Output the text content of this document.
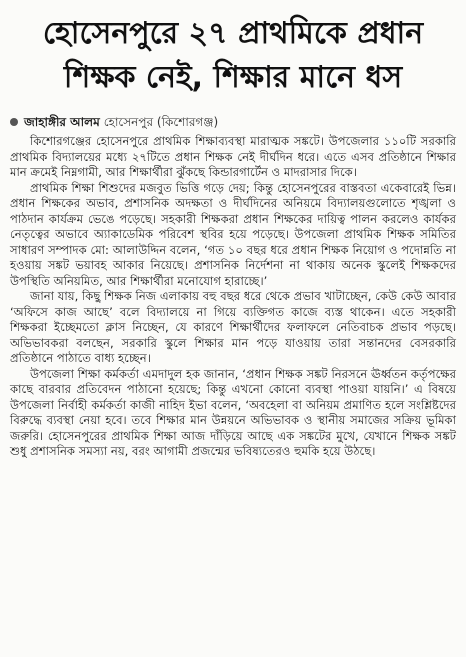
হোসেনপুরে ২৭ প্রাথমিকে প্রধান
শিক্ষক নেই, শিক্ষার মানে ধস
জাহাঙ্গীর আলম হোসেনপুর (কিশোরগঞ্জ)

কিশোরগঞ্জের হোসেনপুরে প্রাথমিক শিক্ষাব্যবস্থা মারাত্মক সঙ্কটে। উপজেলার ১১০টি সরকারি প্রাথমিক বিদ্যালয়ের মধ্যে ২৭টিতে প্রধান শিক্ষক নেই দীর্ঘদিন ধরে। এতে এসব প্রতিষ্ঠানে শিক্ষার মান ক্রমেই নিম্নগামী, আর শিক্ষার্থীরা ঝুঁকছে কিন্ডারগার্টেন ও মাদরাসার দিকে।

প্রাথমিক শিক্ষা শিশুদের মজবুত ভিত্তি গড়ে দেয়; কিন্তু হোসেনপুরের বাস্তবতা একেবারেই ভিন্ন। প্রধান শিক্ষকের অভাব, প্রশাসনিক অদক্ষতা ও দীর্ঘদিনের অনিয়মে বিদ্যালয়গুলোতে শৃঙ্খলা ও পাঠদান কার্যক্রম ভেঙে পড়েছে। সহকারী শিক্ষকরা প্রধান শিক্ষকের দায়িত্ব পালন করলেও কার্যকর নেতৃত্বের অভাবে অ্যাকাডেমিক পরিবেশ স্থবির হয়ে পড়েছে। উপজেলা প্রাথমিক শিক্ষক সমিতির সাধারণ সম্পাদক মো: আলাউদ্দিন বলেন, ‘গত ১০ বছর ধরে প্রধান শিক্ষক নিয়োগ ও পদোন্নতি না হওয়ায় সঙ্কট ভয়াবহ আকার নিয়েছে। প্রশাসনিক নির্দেশনা না থাকায় অনেক স্কুলেই শিক্ষকদের উপস্থিতি অনিয়মিত, আর শিক্ষার্থীরা মনোযোগ হারাচ্ছে।’

জানা যায়, কিছু শিক্ষক নিজ এলাকায় বহু বছর ধরে থেকে প্রভাব খাটাচ্ছেন, কেউ কেউ আবার ‘অফিসে কাজ আছে’ বলে বিদ্যালয়ে না গিয়ে ব্যক্তিগত কাজে ব্যস্ত থাকেন। এতে সহকারী শিক্ষকরা ইচ্ছেমতো ক্লাস নিচ্ছেন, যে কারণে শিক্ষার্থীদের ফলাফলে নেতিবাচক প্রভাব পড়ছে। অভিভাবকরা বলছেন, সরকারি স্কুলে শিক্ষার মান পড়ে যাওয়ায় তারা সন্তানদের বেসরকারি প্রতিষ্ঠানে পাঠাতে বাধ্য হচ্ছেন।

উপজেলা শিক্ষা কর্মকর্তা এমদাদুল হক জানান, ‘প্রধান শিক্ষক সঙ্কট নিরসনে ঊর্ধ্বতন কর্তৃপক্ষের কাছে বারবার প্রতিবেদন পাঠানো হয়েছে; কিন্তু এখনো কোনো ব্যবস্থা পাওয়া যায়নি।’ এ বিষয়ে উপজেলা নির্বাহী কর্মকর্তা কাজী নাহিদ ইভা বলেন, ‘অবহেলা বা অনিয়ম প্রমাণিত হলে সংশ্লিষ্টদের বিরুদ্ধে ব্যবস্থা নেয়া হবে। তবে শিক্ষার মান উন্নয়নে অভিভাবক ও স্থানীয় সমাজের সক্রিয় ভূমিকা জরুরি। হোসেনপুরের প্রাথমিক শিক্ষা আজ দাঁড়িয়ে আছে এক সঙ্কটের মুখে, যেখানে শিক্ষক সঙ্কট শুধু প্রশাসনিক সমস্যা নয়, বরং আগামী প্রজন্মের ভবিষ্যতেরও হুমকি হয়ে উঠছে।
